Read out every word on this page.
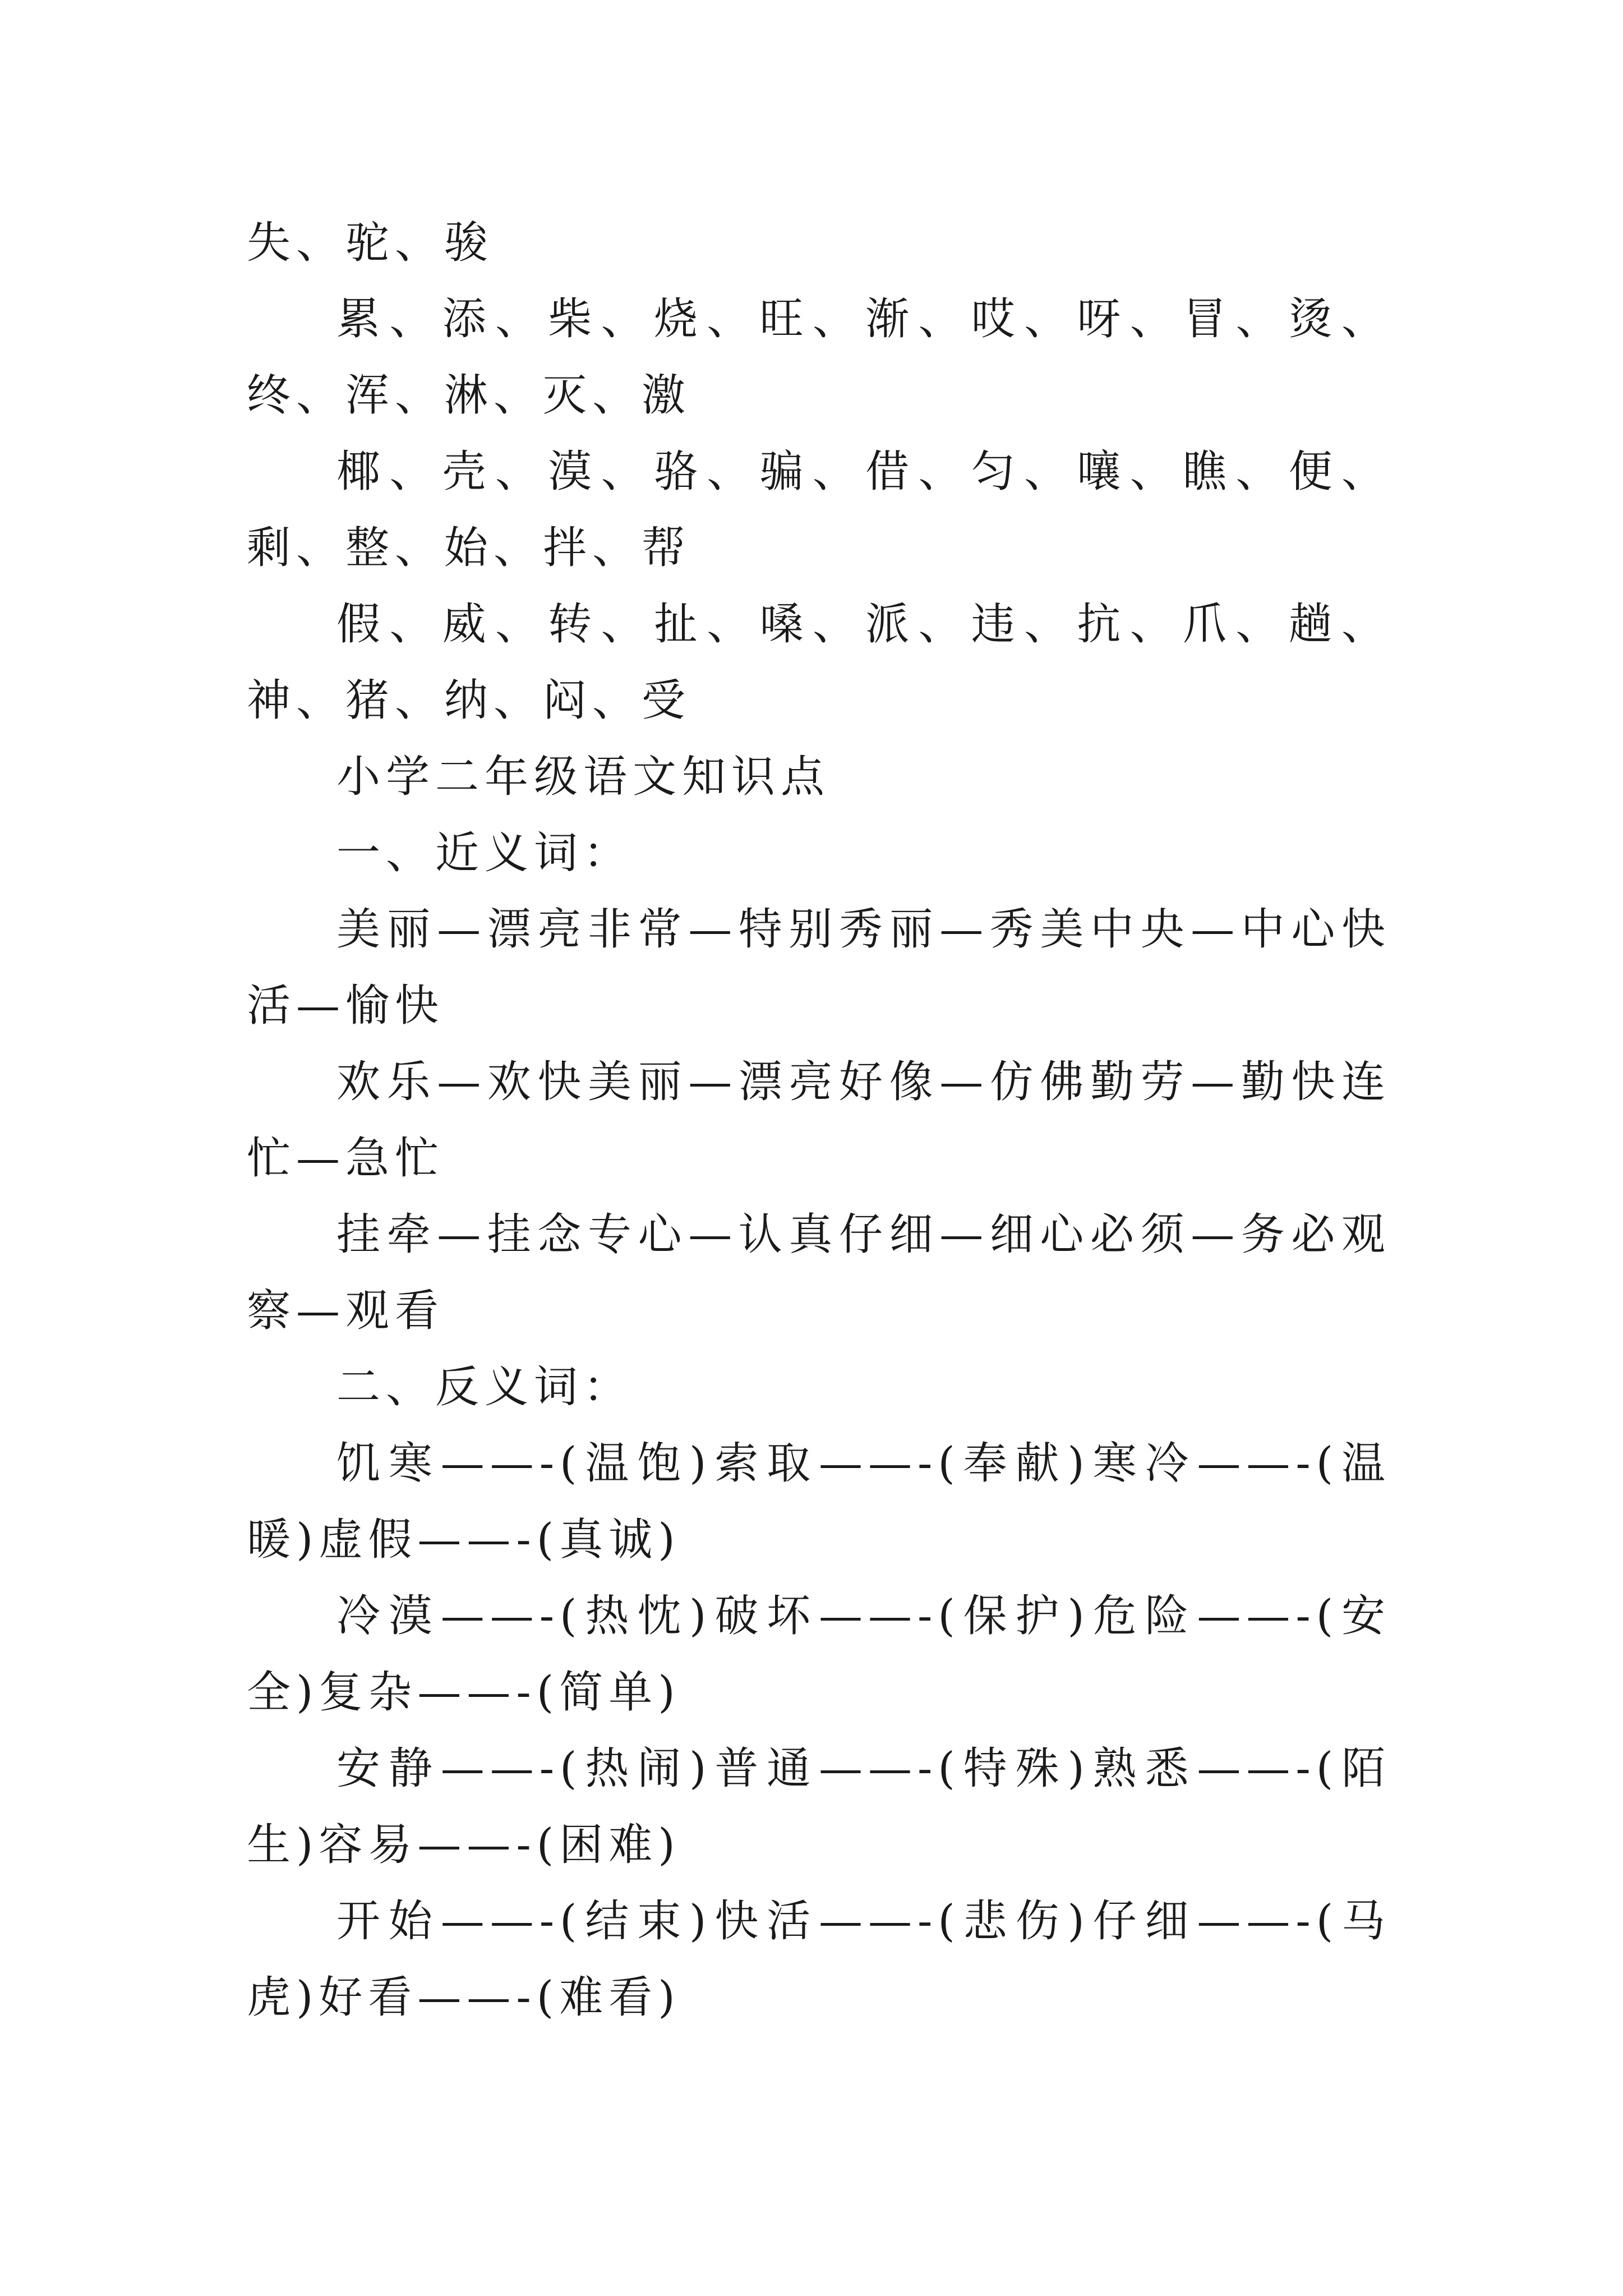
失、驼、骏

累、添、柴、烧、旺、渐、哎、呀、冒、烫、终、浑、淋、灭、激

椰、壳、漠、骆、骗、借、匀、嚷、瞧、便、剩、整、始、拌、帮

假、威、转、扯、嗓、派、违、抗、爪、趟、神、猪、纳、闷、受

小学二年级语文知识点

一、近义词：

美丽—漂亮非常—特别秀丽—秀美中央—中心快活—愉快

欢乐—欢快美丽—漂亮好像—仿佛勤劳—勤快连忙—急忙

挂牵—挂念专心—认真仔细—细心必须—务必观察—观看

二、反义词：

饥寒——-(温饱)索取——-(奉献)寒冷——-(温暖)虚假——-(真诚)

冷漠——-(热忱)破坏——-(保护)危险——-(安全)复杂——-(简单)

安静——-(热闹)普通——-(特殊)熟悉——-(陌生)容易——-(困难)

开始——-(结束)快活——-(悲伤)仔细——-(马虎)好看——-(难看)
